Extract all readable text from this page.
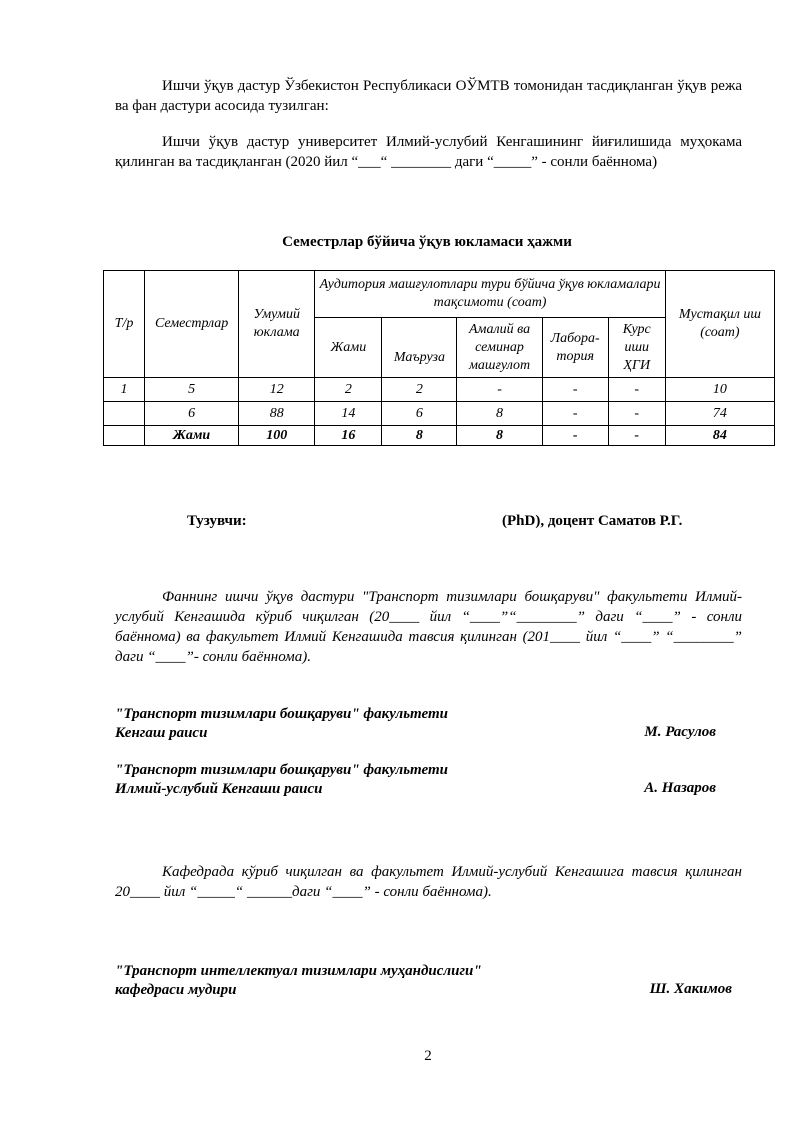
Ишчи ўқув дастур Ўзбекистон Республикаси ОЎМТВ томонидан тасдиқланган ўқув режа ва фан дастури асосида тузилган:
Ишчи ўқув дастур университет Илмий-услубий Кенгашининг йиғилишида муҳокама қилинган ва тасдиқланган (2020 йил “___“ ________ даги “_____” - сонли баённома)
Семестрлар бўйича ўқув юкламаси ҳажми
Т/р	Семестрлар	Умумий юклама	Аудитория машғулотлари тури бўйича ўқув юкламалари тақсимоти (соат)					Мустақил иш (соат)
			Жами	Маъруза	Амалий ва семинар машғулот	Лабора-тория	Курс иши ҲГИ	
1	5	12	2	2	-	-	-	10
	6	88	14	6	8	-	-	74
	Жами	100	16	8	8	-	-	84
Тузувчи:	(PhD), доцент Саматов Р.Г.
Фаннинг ишчи ўқув дастури "Транспорт тизимлари бошқаруви" факультети Илмий-услубий Кенгашида кўриб чиқилган (20____ йил “____”“________” даги “____” - сонли баённома) ва факультет Илмий Кенгашида тавсия қилинган (201____ йил “____” “________” даги “____”- сонли баённома).
"Транспорт тизимлари бошқаруви" факультети
Кенгаш раиси	М. Расулов
"Транспорт тизимлари бошқаруви" факультети
Илмий-услубий Кенгаши раиси	А. Назаров
Кафедрада кўриб чиқилган ва факультет Илмий-услубий Кенгашига тавсия қилинган 20____ йил “_____“ ______даги “____” - сонли баённома).
"Транспорт интеллектуал тизимлари муҳандислиги"
кафедраси мудири	Ш. Хакимов
2
